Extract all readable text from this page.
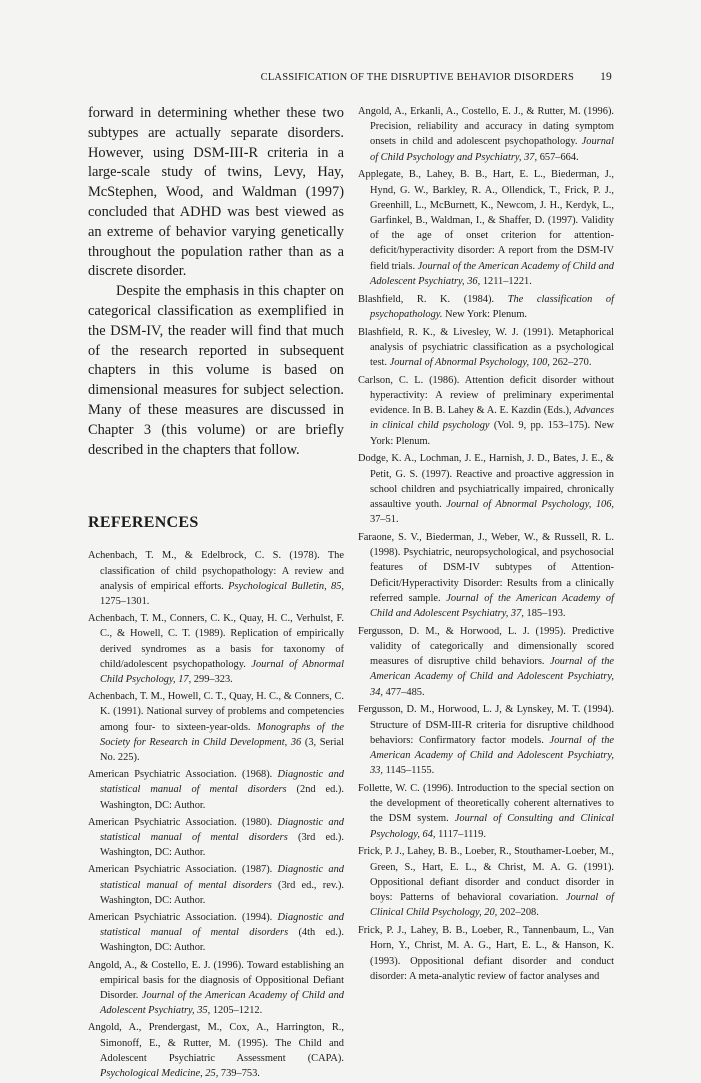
CLASSIFICATION OF THE DISRUPTIVE BEHAVIOR DISORDERS 19

forward in determining whether these two subtypes are actually separate disorders. However, using DSM-III-R criteria in a large-scale study of twins, Levy, Hay, McStephen, Wood, and Waldman (1997) concluded that ADHD was best viewed as an extreme of behavior varying genetically throughout the population rather than as a discrete disorder.

Despite the emphasis in this chapter on categorical classification as exemplified in the DSM-IV, the reader will find that much of the research reported in subsequent chapters in this volume is based on dimensional measures for subject selection. Many of these measures are discussed in Chapter 3 (this volume) or are briefly described in the chapters that follow.

REFERENCES

Achenbach, T. M., & Edelbrock, C. S. (1978). The classification of child psychopathology: A review and analysis of empirical efforts. Psychological Bulletin, 85, 1275–1301.

Achenbach, T. M., Conners, C. K., Quay, H. C., Verhulst, F. C., & Howell, C. T. (1989). Replication of empirically derived syndromes as a basis for taxonomy of child/adolescent psychopathology. Journal of Abnormal Child Psychology, 17, 299–323.

Achenbach, T. M., Howell, C. T., Quay, H. C., & Conners, C. K. (1991). National survey of problems and competencies among four- to sixteen-year-olds. Monographs of the Society for Research in Child Development, 36 (3, Serial No. 225).

American Psychiatric Association. (1968). Diagnostic and statistical manual of mental disorders (2nd ed.). Washington, DC: Author.

American Psychiatric Association. (1980). Diagnostic and statistical manual of mental disorders (3rd ed.). Washington, DC: Author.

American Psychiatric Association. (1987). Diagnostic and statistical manual of mental disorders (3rd ed., rev.). Washington, DC: Author.

American Psychiatric Association. (1994). Diagnostic and statistical manual of mental disorders (4th ed.). Washington, DC: Author.

Angold, A., & Costello, E. J. (1996). Toward establishing an empirical basis for the diagnosis of Oppositional Defiant Disorder. Journal of the American Academy of Child and Adolescent Psychiatry, 35, 1205–1212.

Angold, A., Prendergast, M., Cox, A., Harrington, R., Simonoff, E., & Rutter, M. (1995). The Child and Adolescent Psychiatric Assessment (CAPA). Psychological Medicine, 25, 739–753.

Angold, A., Erkanli, A., Costello, E. J., & Rutter, M. (1996). Precision, reliability and accuracy in dating symptom onsets in child and adolescent psychopathology. Journal of Child Psychology and Psychiatry, 37, 657–664.

Applegate, B., Lahey, B. B., Hart, E. L., Biederman, J., Hynd, G. W., Barkley, R. A., Ollendick, T., Frick, P. J., Greenhill, L., McBurnett, K., Newcom, J. H., Kerdyk, L., Garfinkel, B., Waldman, I., & Shaffer, D. (1997). Validity of the age of onset criterion for attention-deficit/hyperactivity disorder: A report from the DSM-IV field trials. Journal of the American Academy of Child and Adolescent Psychiatry, 36, 1211–1221.

Blashfield, R. K. (1984). The classification of psychopathology. New York: Plenum.

Blashfield, R. K., & Livesley, W. J. (1991). Metaphorical analysis of psychiatric classification as a psychological test. Journal of Abnormal Psychology, 100, 262–270.

Carlson, C. L. (1986). Attention deficit disorder without hyperactivity: A review of preliminary experimental evidence. In B. B. Lahey & A. E. Kazdin (Eds.), Advances in clinical child psychology (Vol. 9, pp. 153–175). New York: Plenum.

Dodge, K. A., Lochman, J. E., Harnish, J. D., Bates, J. E., & Petit, G. S. (1997). Reactive and proactive aggression in school children and psychiatrically impaired, chronically assaultive youth. Journal of Abnormal Psychology, 106, 37–51.

Faraone, S. V., Biederman, J., Weber, W., & Russell, R. L. (1998). Psychiatric, neuropsychological, and psychosocial features of DSM-IV subtypes of Attention-Deficit/Hyperactivity Disorder: Results from a clinically referred sample. Journal of the American Academy of Child and Adolescent Psychiatry, 37, 185–193.

Fergusson, D. M., & Horwood, L. J. (1995). Predictive validity of categorically and dimensionally scored measures of disruptive child behaviors. Journal of the American Academy of Child and Adolescent Psychiatry, 34, 477–485.

Fergusson, D. M., Horwood, L. J, & Lynskey, M. T. (1994). Structure of DSM-III-R criteria for disruptive childhood behaviors: Confirmatory factor models. Journal of the American Academy of Child and Adolescent Psychiatry, 33, 1145–1155.

Follette, W. C. (1996). Introduction to the special section on the development of theoretically coherent alternatives to the DSM system. Journal of Consulting and Clinical Psychology, 64, 1117–1119.

Frick, P. J., Lahey, B. B., Loeber, R., Stouthamer-Loeber, M., Green, S., Hart, E. L., & Christ, M. A. G. (1991). Oppositional defiant disorder and conduct disorder in boys: Patterns of behavioral covariation. Journal of Clinical Child Psychology, 20, 202–208.

Frick, P. J., Lahey, B. B., Loeber, R., Tannenbaum, L., Van Horn, Y., Christ, M. A. G., Hart, E. L., & Hanson, K. (1993). Oppositional defiant disorder and conduct disorder: A meta-analytic review of factor analyses and
